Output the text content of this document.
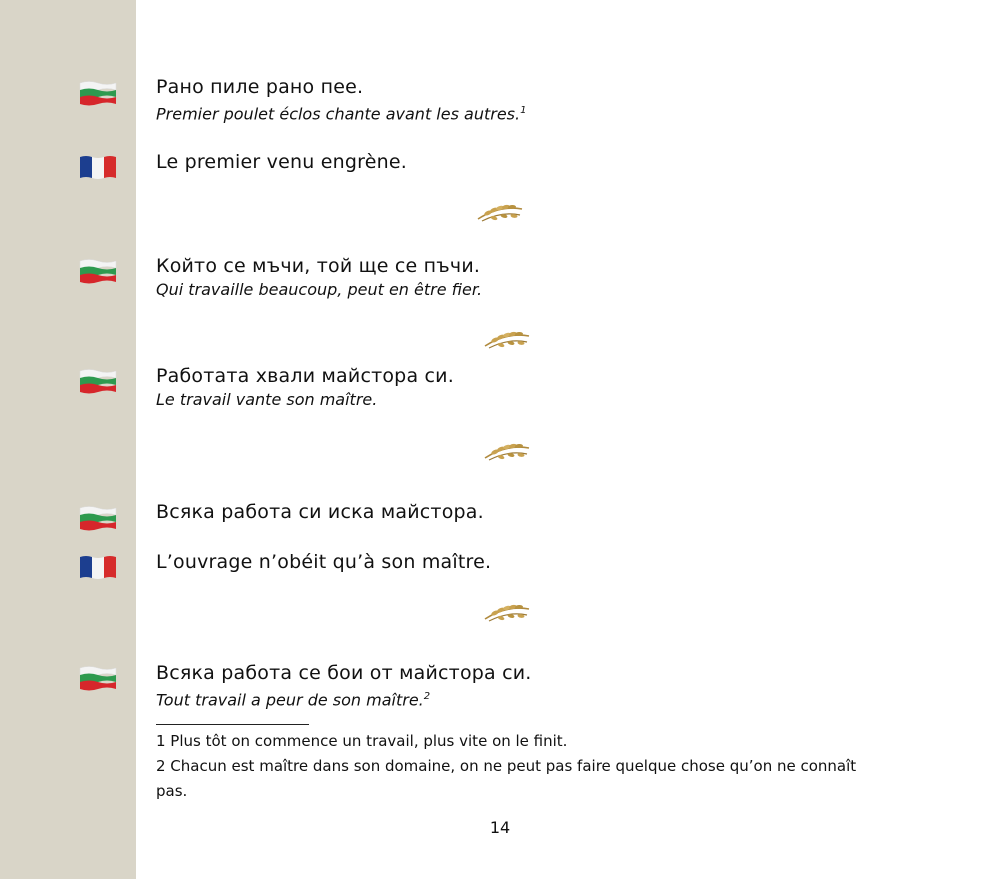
Рано пиле рано пее.
Premier poulet éclos chante avant les autres.$^1$
Le premier venu engrène.
Който се мъчи, той ще се пъчи.
Qui travaille beaucoup, peut en être fier.
Работата хвали майстора си.
Le travail vante son maître.
Всяка работа си иска майстора.
L’ouvrage n’obéit qu’à son maître.
Всяка работа се бои от майстора си.
Tout travail a peur de son maître.$^2$
1 Plus tôt on commence un travail, plus vite on le finit.
2 Chacun est maître dans son domaine, on ne peut pas faire quelque chose qu’on ne connaît pas.
14
